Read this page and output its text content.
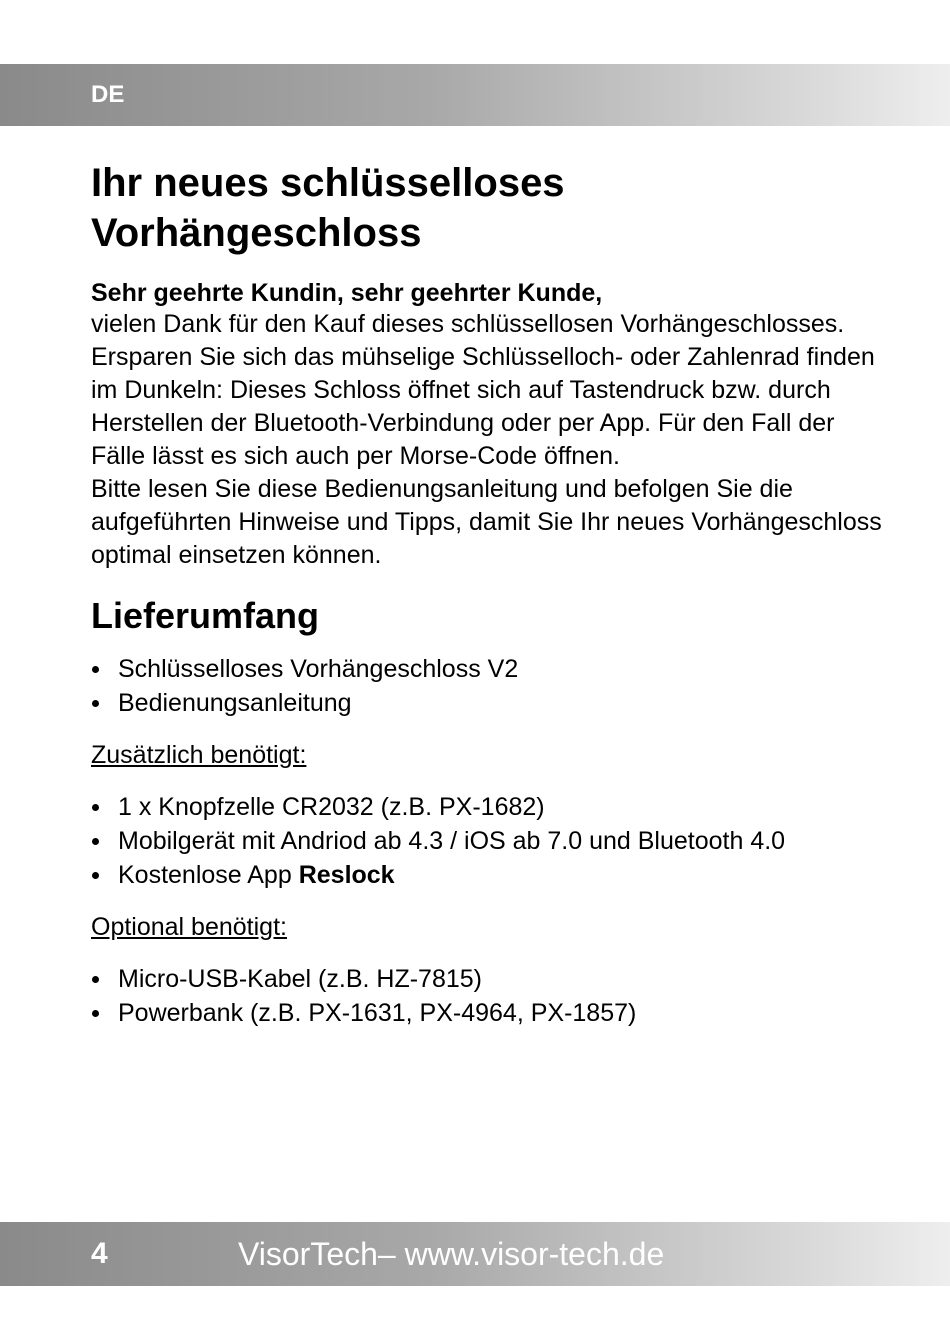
DE
Ihr neues schlüsselloses Vorhängeschloss
Sehr geehrte Kundin, sehr geehrter Kunde,

vielen Dank für den Kauf dieses schlüssellosen Vorhängeschlosses. Ersparen Sie sich das mühselige Schlüsselloch- oder Zahlenrad finden im Dunkeln: Dieses Schloss öffnet sich auf Tastendruck bzw. durch Herstellen der Bluetooth-Verbindung oder per App. Für den Fall der Fälle lässt es sich auch per Morse-Code öffnen.

Bitte lesen Sie diese Bedienungsanleitung und befolgen Sie die aufgeführten Hinweise und Tipps, damit Sie Ihr neues Vorhängeschloss optimal einsetzen können.

Lieferumfang
Schlüsselloses Vorhängeschloss V2
Bedienungsanleitung
Zusätzlich benötigt:
1 x Knopfzelle CR2032 (z.B. PX-1682)
Mobilgerät mit Andriod ab 4.3 / iOS ab 7.0 und Bluetooth 4.0
Kostenlose App Reslock
Optional benötigt:
Micro-USB-Kabel (z.B. HZ-7815)
Powerbank (z.B. PX-1631, PX-4964, PX-1857)
4	VisorTech– www.visor-tech.de
